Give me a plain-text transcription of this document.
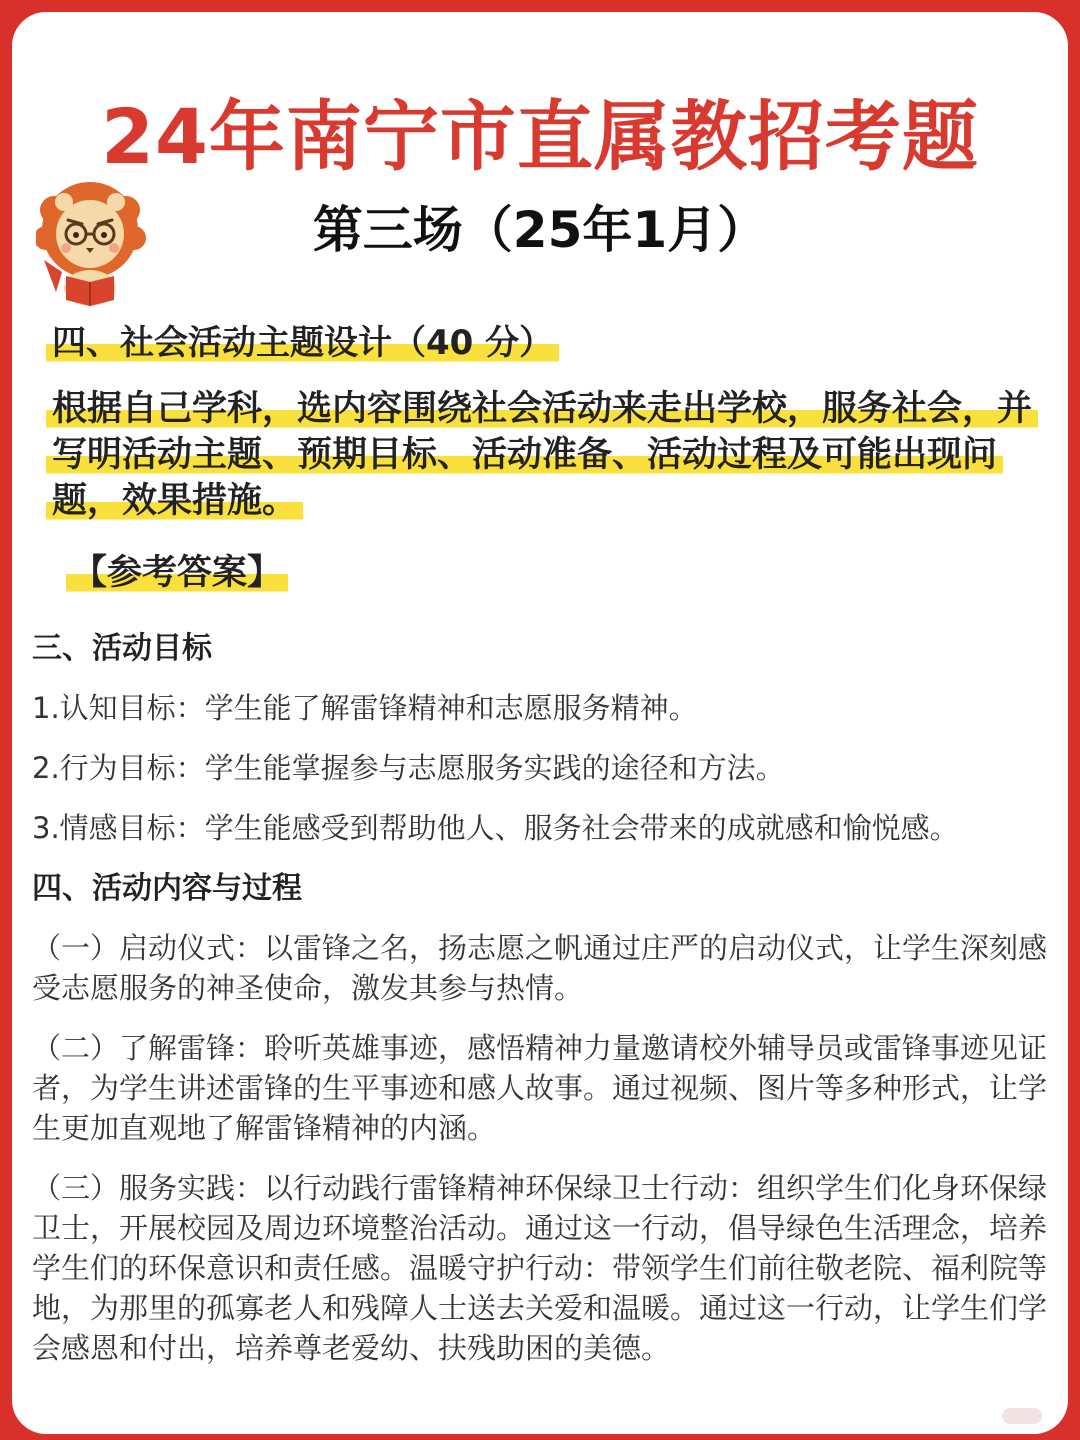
24年南宁市直属教招考题
第三场（25年1月）
四、社会活动主题设计（40 分）
根据自己学科，选内容围绕社会活动来走出学校，服务社会，并写明活动主题、预期目标、活动准备、活动过程及可能出现问题，效果措施。
【参考答案】
三、活动目标
1.认知目标：学生能了解雷锋精神和志愿服务精神。
2.行为目标：学生能掌握参与志愿服务实践的途径和方法。
3.情感目标：学生能感受到帮助他人、服务社会带来的成就感和愉悦感。
四、活动内容与过程
（一）启动仪式：以雷锋之名，扬志愿之帆通过庄严的启动仪式，让学生深刻感受志愿服务的神圣使命，激发其参与热情。
（二）了解雷锋：聆听英雄事迹，感悟精神力量邀请校外辅导员或雷锋事迹见证者，为学生讲述雷锋的生平事迹和感人故事。通过视频、图片等多种形式，让学生更加直观地了解雷锋精神的内涵。
（三）服务实践：以行动践行雷锋精神环保绿卫士行动：组织学生们化身环保绿卫士，开展校园及周边环境整治活动。通过这一行动，倡导绿色生活理念，培养学生们的环保意识和责任感。温暖守护行动：带领学生们前往敬老院、福利院等地，为那里的孤寡老人和残障人士送去关爱和温暖。通过这一行动，让学生们学会感恩和付出，培养尊老爱幼、扶残助困的美德。
